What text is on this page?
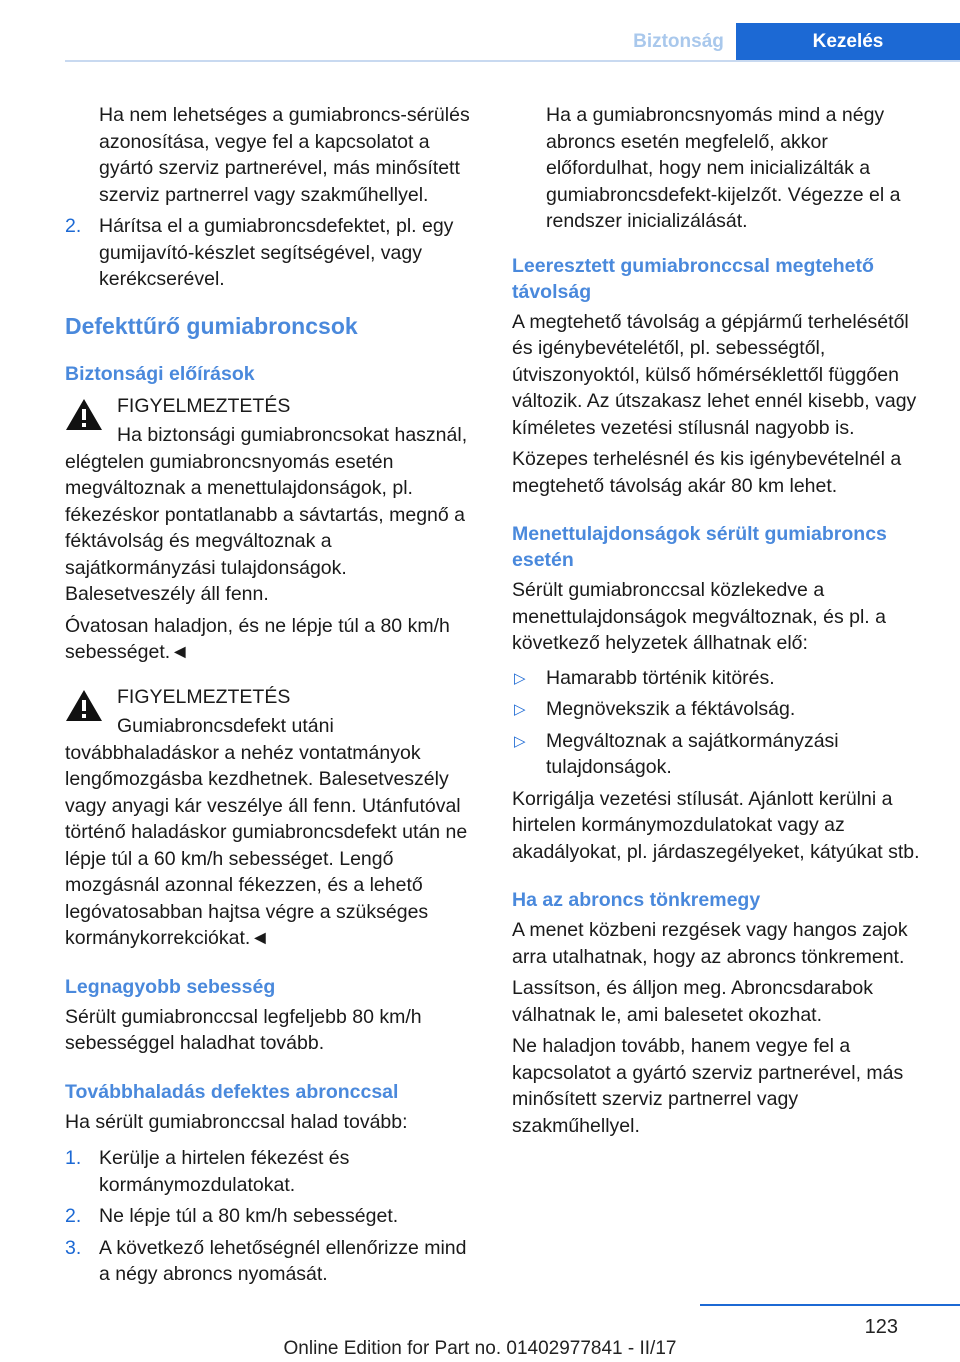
Biztonság	Kezelés

Ha nem lehetséges a gumiabroncs-sérülés azonosítása, vegye fel a kapcsolatot a gyártó szerviz partnerével, más minősített szerviz partnerrel vagy szakműhellyel.

2. Hárítsa el a gumiabroncsdefektet, pl. egy gumijavító-készlet segítségével, vagy kerékcserével.

Defekttűrő gumiabroncsok
Biztonsági előírások

FIGYELMEZTETÉS

Ha biztonsági gumiabroncsokat használ, elégtelen gumiabroncsnyomás esetén megváltoznak a menettulajdonságok, pl. fékezéskor pontatlanabb a sávtartás, megnő a féktávolság és megváltoznak a sajátkormányzási tulajdonságok. Balesetveszély áll fenn.

Óvatosan haladjon, és ne lépje túl a 80 km/h sebességet.◄

FIGYELMEZTETÉS

Gumiabroncsdefekt utáni továbbhaladáskor a nehéz vontatmányok lengőmozgásba kezdhetnek. Balesetveszély vagy anyagi kár veszélye áll fenn. Utánfutóval történő haladáskor gumiabroncsdefekt után ne lépje túl a 60 km/h sebességet. Lengő mozgásnál azonnal fékezzen, és a lehető legóvatosabban hajtsa végre a szükséges kormánykorrekciókat.◄

Legnagyobb sebesség

Sérült gumiabronccsal legfeljebb 80 km/h sebességgel haladhat tovább.

Továbbhaladás defektes abronccsal

Ha sérült gumiabronccsal halad tovább:

1. Kerülje a hirtelen fékezést és kormánymozdulatokat.

2. Ne lépje túl a 80 km/h sebességet.

3. A következő lehetőségnél ellenőrizze mind a négy abroncs nyomását.

Ha a gumiabroncsnyomás mind a négy abroncs esetén megfelelő, akkor előfordulhat, hogy nem inicializálták a gumiabroncsdefekt-kijelzőt. Végezze el a rendszer inicializálását.

Leeresztett gumiabronccsal megtehető távolság

A megtehető távolság a gépjármű terhelésétől és igénybevételétől, pl. sebességtől, útviszonyoktól, külső hőmérséklettől függően változik. Az útszakasz lehet ennél kisebb, vagy kíméletes vezetési stílusnál nagyobb is.

Közepes terhelésnél és kis igénybevételnél a megtehető távolság akár 80 km lehet.

Menettulajdonságok sérült gumiabroncs esetén

Sérült gumiabronccsal közlekedve a menettulajdonságok megváltoznak, és pl. a következő helyzetek állhatnak elő:

▷ Hamarabb történik kitörés.

▷ Megnövekszik a féktávolság.

▷ Megváltoznak a sajátkormányzási tulajdonságok.

Korrigálja vezetési stílusát. Ajánlott kerülni a hirtelen kormánymozdulatokat vagy az akadályokat, pl. járdaszegélyeket, kátyúkat stb.

Ha az abroncs tönkremegy

A menet közbeni rezgések vagy hangos zajok arra utalhatnak, hogy az abroncs tönkrement.

Lassítson, és álljon meg. Abroncsdarabok válhatnak le, ami balesetet okozhat.

Ne haladjon tovább, hanem vegye fel a kapcsolatot a gyártó szerviz partnerével, más minősített szerviz partnerrel vagy szakműhellyel.

123
Online Edition for Part no. 01402977841 - II/17
